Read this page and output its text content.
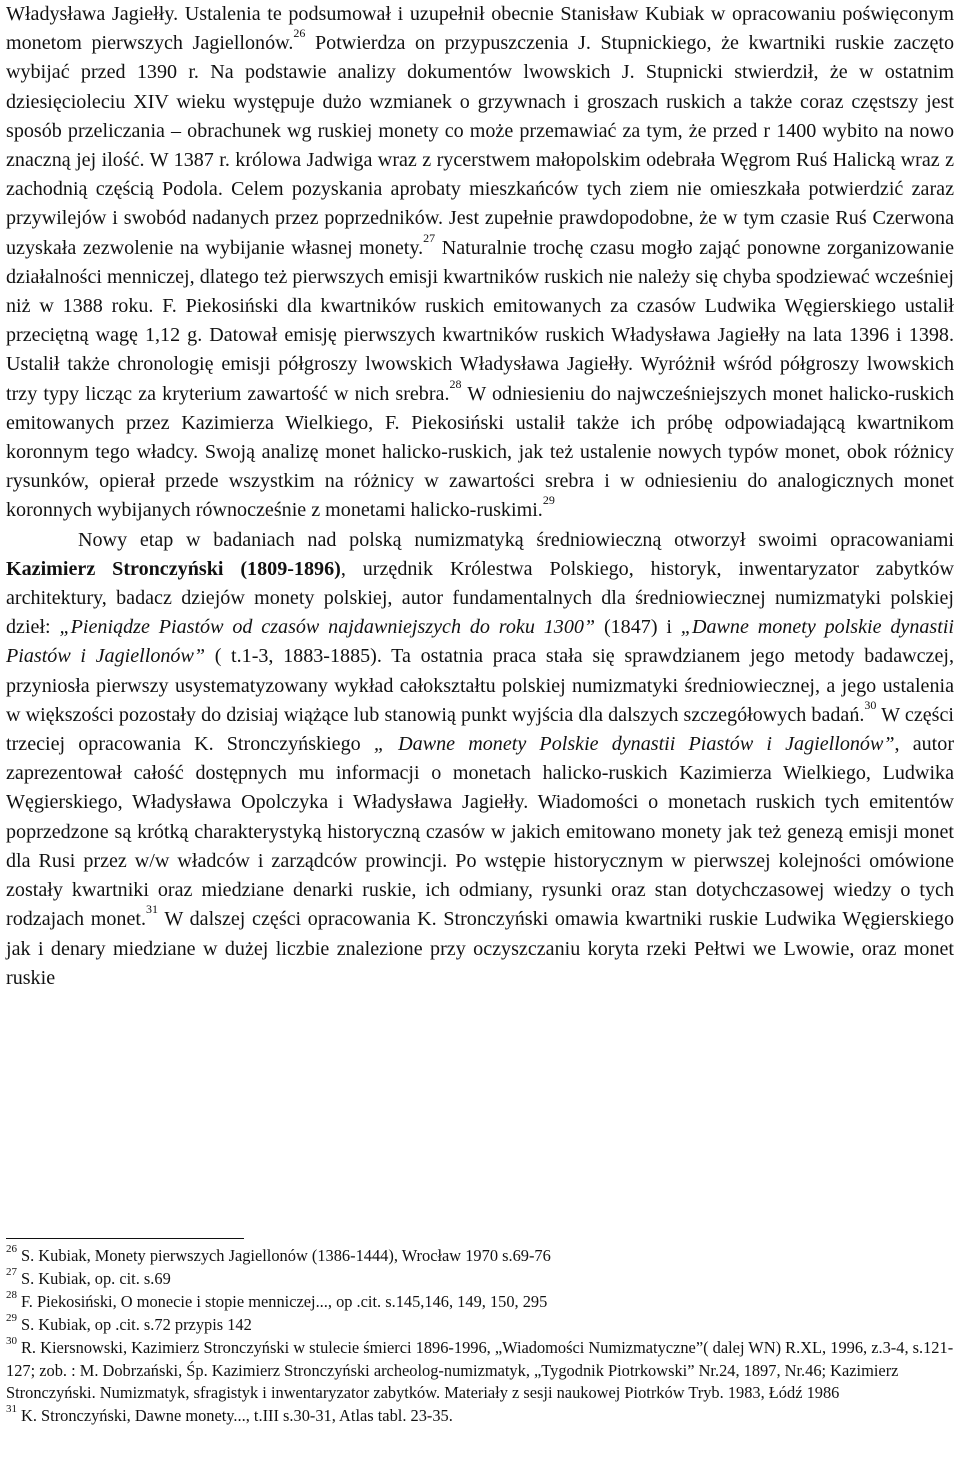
Władysława Jagiełły. Ustalenia te podsumował i uzupełnił obecnie Stanisław Kubiak w opracowaniu poświęconym monetom pierwszych Jagiellonów.$^{26}$ Potwierdza on przypuszczenia J. Stupnickiego, że kwartniki ruskie zaczęto wybijać przed 1390 r. Na podstawie analizy dokumentów lwowskich J. Stupnicki stwierdził, że w ostatnim dziesięcioleciu XIV wieku występuje dużo wzmianek o grzywnach i groszach ruskich a także coraz częstszy jest sposób przeliczania – obrachunek wg ruskiej monety co może przemawiać za tym, że przed r 1400 wybito na nowo znaczną jej ilość. W 1387 r. królowa Jadwiga wraz z rycerstwem małopolskim odebrała Węgrom Ruś Halicką wraz z zachodnią częścią Podola. Celem pozyskania aprobaty mieszkańców tych ziem nie omieszkała potwierdzić zaraz przywilejów i swobód nadanych przez poprzedników. Jest zupełnie prawdopodobne, że w tym czasie Ruś Czerwona uzyskała zezwolenie na wybijanie własnej monety.$^{27}$ Naturalnie trochę czasu mogło zająć ponowne zorganizowanie działalności menniczej, dlatego też pierwszych emisji kwartników ruskich nie należy się chyba spodziewać wcześniej niż w 1388 roku. F. Piekosiński dla kwartników ruskich emitowanych za czasów Ludwika Węgierskiego ustalił przeciętną wagę 1,12 g. Datował emisję pierwszych kwartników ruskich Władysława Jagiełły na lata 1396 i 1398. Ustalił także chronologię emisji półgroszy lwowskich Władysława Jagiełły. Wyróżnił wśród półgroszy lwowskich trzy typy licząc za kryterium zawartość w nich srebra.$^{28}$ W odniesieniu do najwcześniejszych monet halicko-ruskich emitowanych przez Kazimierza Wielkiego, F. Piekosiński ustalił także ich próbę odpowiadającą kwartnikom koronnym tego władcy. Swoją analizę monet halicko-ruskich, jak też ustalenie nowych typów monet, obok różnicy rysunków, opierał przede wszystkim na różnicy w zawartości srebra i w odniesieniu do analogicznych monet koronnych wybijanych równocześnie z monetami halicko-ruskimi.$^{29}$

Nowy etap w badaniach nad polską numizmatyką średniowieczną otworzył swoimi opracowaniami Kazimierz Stronczyński (1809-1896), urzędnik Królestwa Polskiego, historyk, inwentaryzator zabytków architektury, badacz dziejów monety polskiej, autor fundamentalnych dla średniowiecznej numizmatyki polskiej dzieł: „Pieniądze Piastów od czasów najdawniejszych do roku 1300” (1847) i „Dawne monety polskie dynastii Piastów i Jagiellonów” ( t.1-3, 1883-1885). Ta ostatnia praca stała się sprawdzianem jego metody badawczej, przyniosła pierwszy usystematyzowany wykład całokształtu polskiej numizmatyki średniowiecznej, a jego ustalenia w większości pozostały do dzisiaj wiążące lub stanowią punkt wyjścia dla dalszych szczegółowych badań.$^{30}$ W części trzeciej opracowania K. Stronczyńskiego „ Dawne monety Polskie dynastii Piastów i Jagiellonów”, autor zaprezentował całość dostępnych mu informacji o monetach halicko-ruskich Kazimierza Wielkiego, Ludwika Węgierskiego, Władysława Opolczyka i Władysława Jagiełły. Wiadomości o monetach ruskich tych emitentów poprzedzone są krótką charakterystyką historyczną czasów w jakich emitowano monety jak też genezą emisji monet dla Rusi przez w/w władców i zarządców prowincji. Po wstępie historycznym w pierwszej kolejności omówione zostały kwartniki oraz miedziane denarki ruskie, ich odmiany, rysunki oraz stan dotychczasowej wiedzy o tych rodzajach monet.$^{31}$ W dalszej części opracowania K. Stronczyński omawia kwartniki ruskie Ludwika Węgierskiego jak i denary miedziane w dużej liczbie znalezione przy oczyszczaniu koryta rzeki Pełtwi we Lwowie, oraz monet ruskie

$^{26}$ S. Kubiak, Monety pierwszych Jagiellonów (1386-1444), Wrocław 1970 s.69-76

$^{27}$ S. Kubiak, op. cit. s.69

$^{28}$ F. Piekosiński, O monecie i stopie menniczej..., op .cit. s.145,146, 149, 150, 295

$^{29}$ S. Kubiak, op .cit. s.72 przypis 142

$^{30}$ R. Kiersnowski, Kazimierz Stronczyński w stulecie śmierci 1896-1996, „Wiadomości Numizmatyczne”( dalej WN) R.XL, 1996, z.3-4, s.121-127; zob. : M. Dobrzański, Śp. Kazimierz Stronczyński archeolog-numizmatyk, „Tygodnik Piotrkowski” Nr.24, 1897, Nr.46; Kazimierz Stronczyński. Numizmatyk, sfragistyk i inwentaryzator zabytków. Materiały z sesji naukowej Piotrków Tryb. 1983, Łódź 1986

$^{31}$ K. Stronczyński, Dawne monety..., t.III s.30-31, Atlas tabl. 23-35.
